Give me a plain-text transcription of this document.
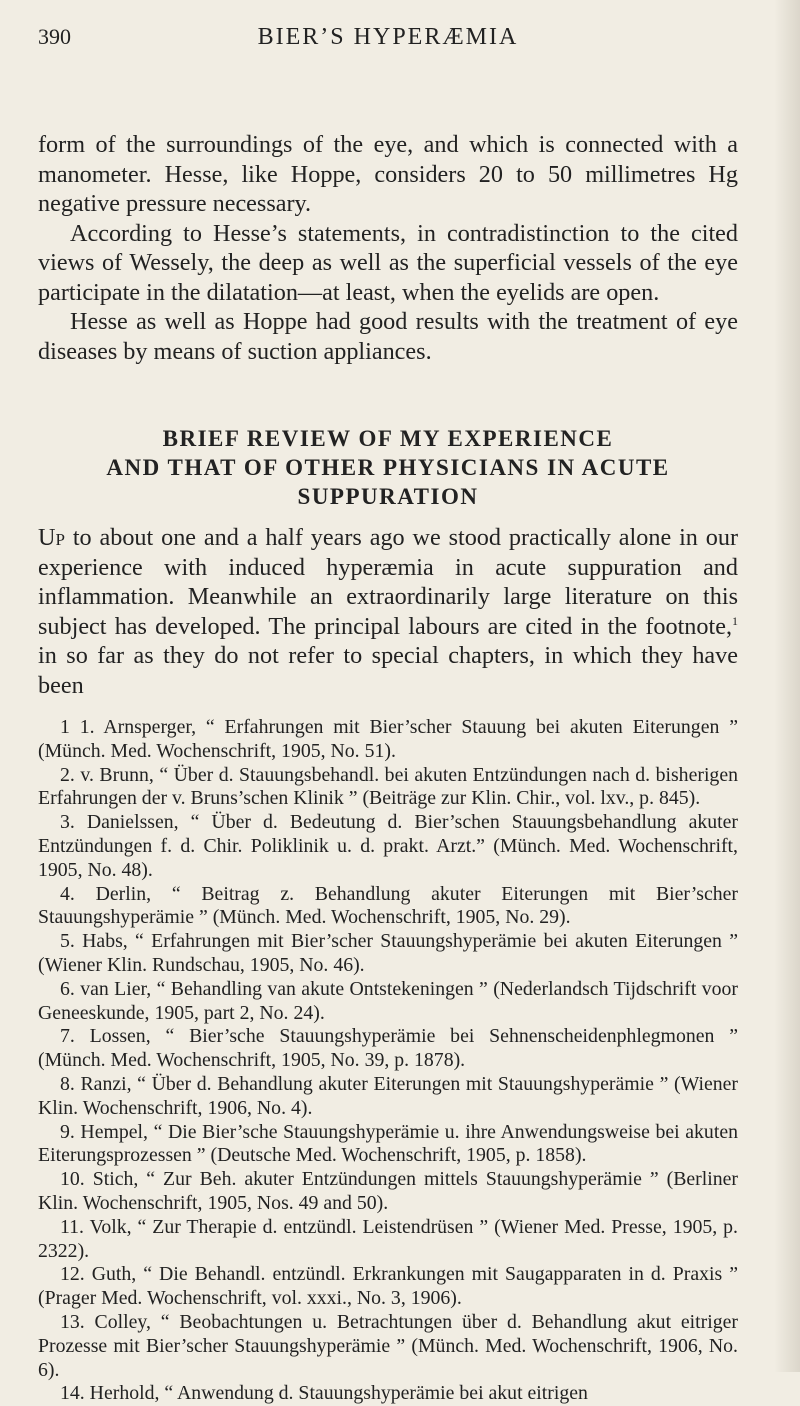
390	BIER’S HYPERÆMIA

form of the surroundings of the eye, and which is connected with a manometer. Hesse, like Hoppe, considers 20 to 50 millimetres Hg negative pressure necessary.

According to Hesse’s statements, in contradistinction to the cited views of Wessely, the deep as well as the superficial vessels of the eye participate in the dilatation—at least, when the eyelids are open.

Hesse as well as Hoppe had good results with the treatment of eye diseases by means of suction appliances.

BRIEF REVIEW OF MY EXPERIENCE
AND THAT OF OTHER PHYSICIANS IN ACUTE
SUPPURATION

Up to about one and a half years ago we stood practically alone in our experience with induced hyperæmia in acute suppuration and inflammation. Meanwhile an extraordinarily large literature on this subject has developed. The principal labours are cited in the footnote,$^1$ in so far as they do not refer to special chapters, in which they have been

1 1. Arnsperger, “ Erfahrungen mit Bier’scher Stauung bei akuten Eiterungen ” (Münch. Med. Wochenschrift, 1905, No. 51).

2. v. Brunn, “ Über d. Stauungsbehandl. bei akuten Entzündungen nach d. bisherigen Erfahrungen der v. Bruns’schen Klinik ” (Beiträge zur Klin. Chir., vol. lxv., p. 845).

3. Danielssen, “ Über d. Bedeutung d. Bier’schen Stauungsbehandlung akuter Entzündungen f. d. Chir. Poliklinik u. d. prakt. Arzt.” (Münch. Med. Wochenschrift, 1905, No. 48).

4. Derlin, “ Beitrag z. Behandlung akuter Eiterungen mit Bier’scher Stauungshyperämie ” (Münch. Med. Wochenschrift, 1905, No. 29).

5. Habs, “ Erfahrungen mit Bier’scher Stauungshyperämie bei akuten Eiterungen ” (Wiener Klin. Rundschau, 1905, No. 46).

6. van Lier, “ Behandling van akute Ontstekeningen ” (Nederlandsch Tijdschrift voor Geneeskunde, 1905, part 2, No. 24).

7. Lossen, “ Bier’sche Stauungshyperämie bei Sehnenscheidenphlegmonen ” (Münch. Med. Wochenschrift, 1905, No. 39, p. 1878).

8. Ranzi, “ Über d. Behandlung akuter Eiterungen mit Stauungshyperämie ” (Wiener Klin. Wochenschrift, 1906, No. 4).

9. Hempel, “ Die Bier’sche Stauungshyperämie u. ihre Anwendungsweise bei akuten Eiterungsprozessen ” (Deutsche Med. Wochenschrift, 1905, p. 1858).

10. Stich, “ Zur Beh. akuter Entzündungen mittels Stauungshyperämie ” (Berliner Klin. Wochenschrift, 1905, Nos. 49 and 50).

11. Volk, “ Zur Therapie d. entzündl. Leistendrüsen ” (Wiener Med. Presse, 1905, p. 2322).

12. Guth, “ Die Behandl. entzündl. Erkrankungen mit Saugapparaten in d. Praxis ” (Prager Med. Wochenschrift, vol. xxxi., No. 3, 1906).

13. Colley, “ Beobachtungen u. Betrachtungen über d. Behandlung akut eitriger Prozesse mit Bier’scher Stauungshyperämie ” (Münch. Med. Wochenschrift, 1906, No. 6).

14. Herhold, “ Anwendung d. Stauungshyperämie bei akut eitrigen
